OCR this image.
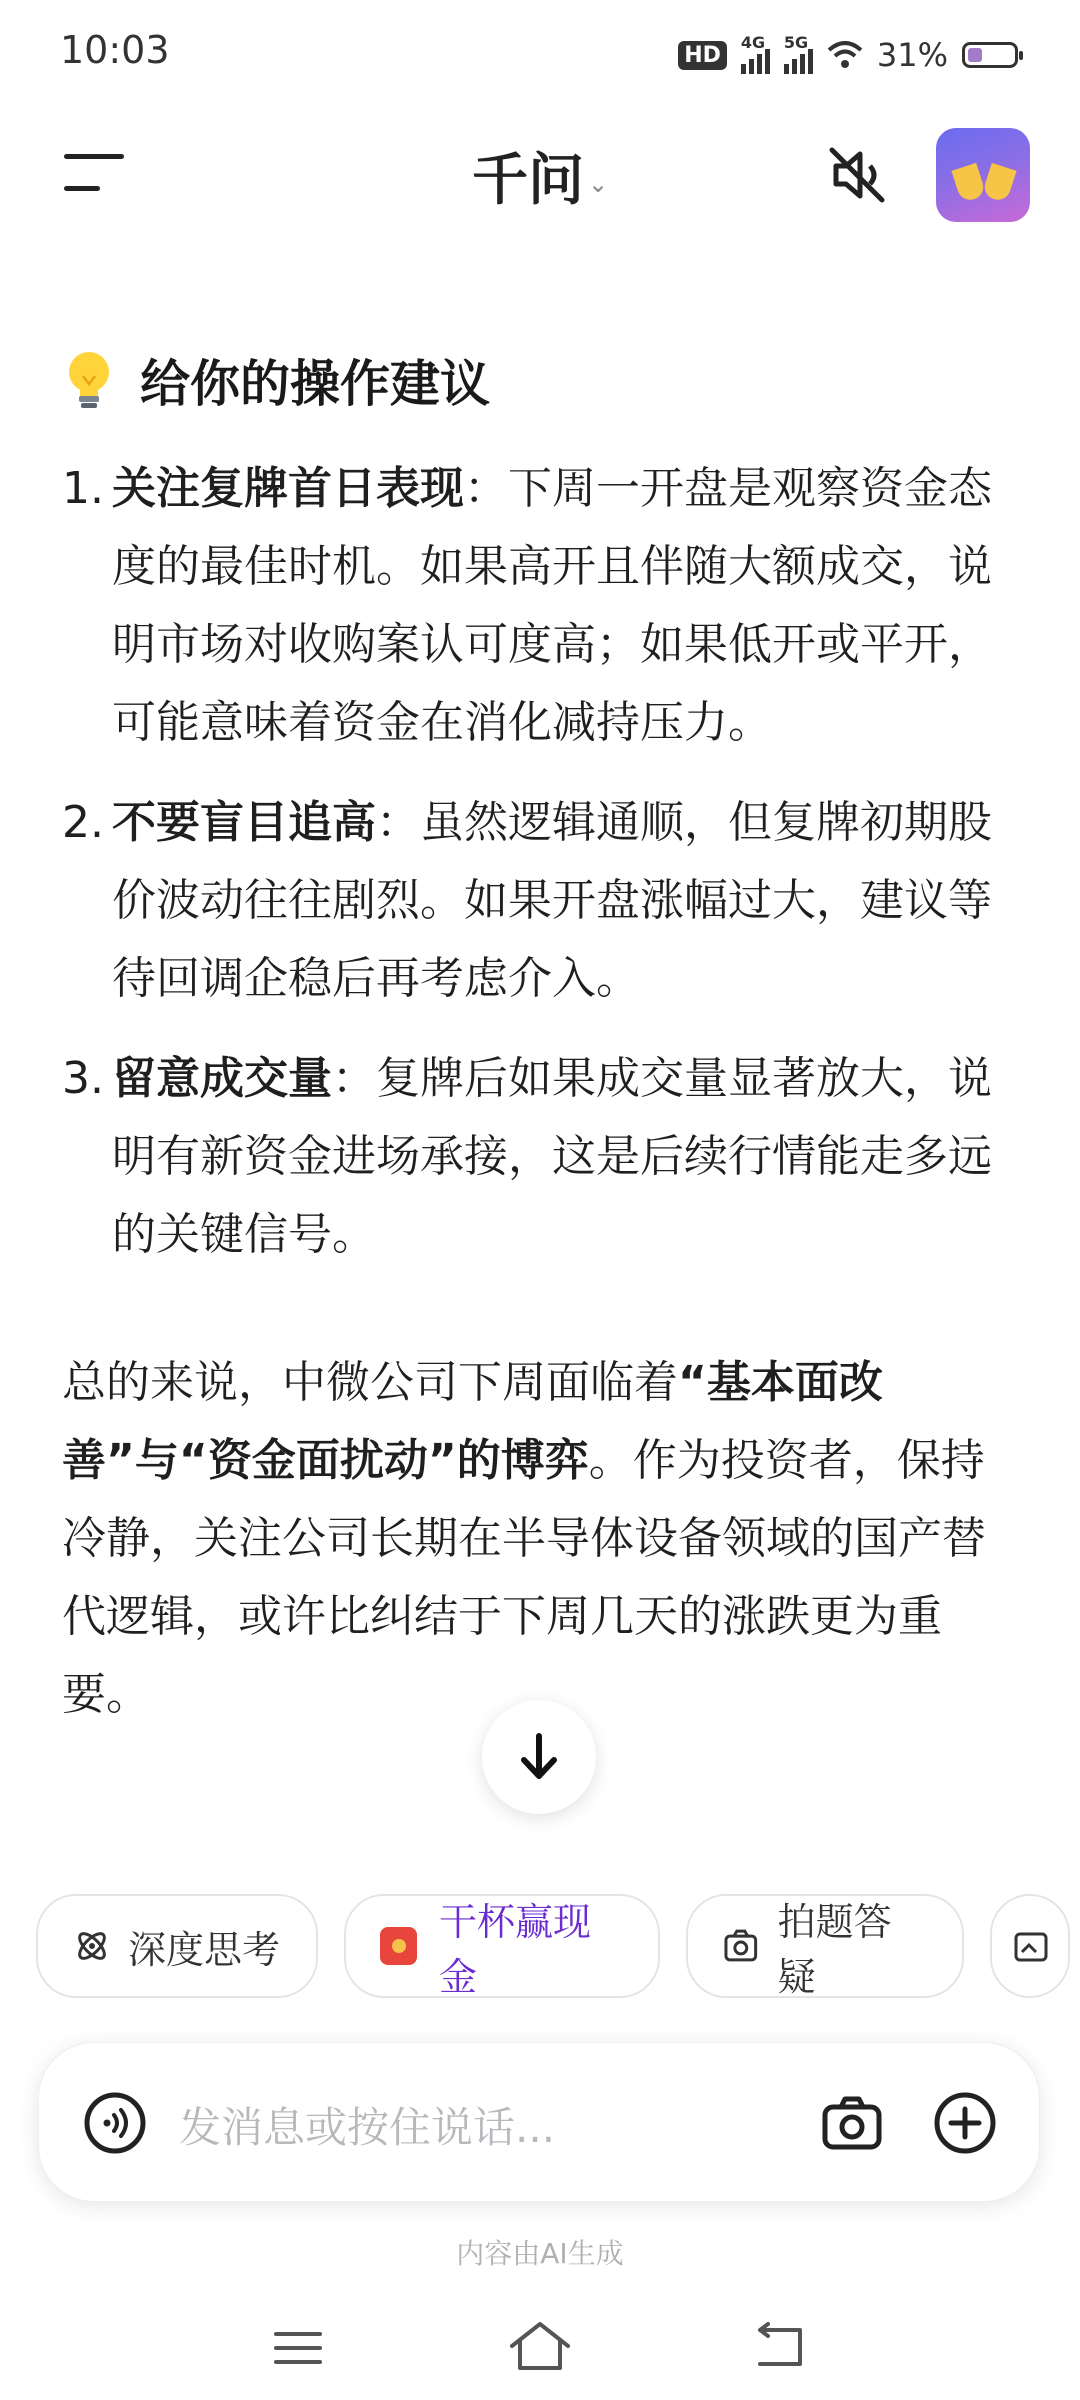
10:03	HD
4G 5G 31%
千问 ⌄
给你的操作建议
1. 关注复牌首日表现：下周一开盘是观察资金态度的最佳时机。如果高开且伴随大额成交，说明市场对收购案认可度高；如果低开或平开，可能意味着资金在消化减持压力。
2. 不要盲目追高：虽然逻辑通顺，但复牌初期股价波动往往剧烈。如果开盘涨幅过大，建议等待回调企稳后再考虑介入。
3. 留意成交量：复牌后如果成交量显著放大，说明有新资金进场承接，这是后续行情能走多远的关键信号。
总的来说，中微公司下周面临着“基本面改善”与“资金面扰动”的博弈。作为投资者，保持冷静，关注公司长期在半导体设备领域的国产替代逻辑，或许比纠结于下周几天的涨跌更为重要。
深度思考
干杯赢现金
拍题答疑
发消息或按住说话...
内容由AI生成
